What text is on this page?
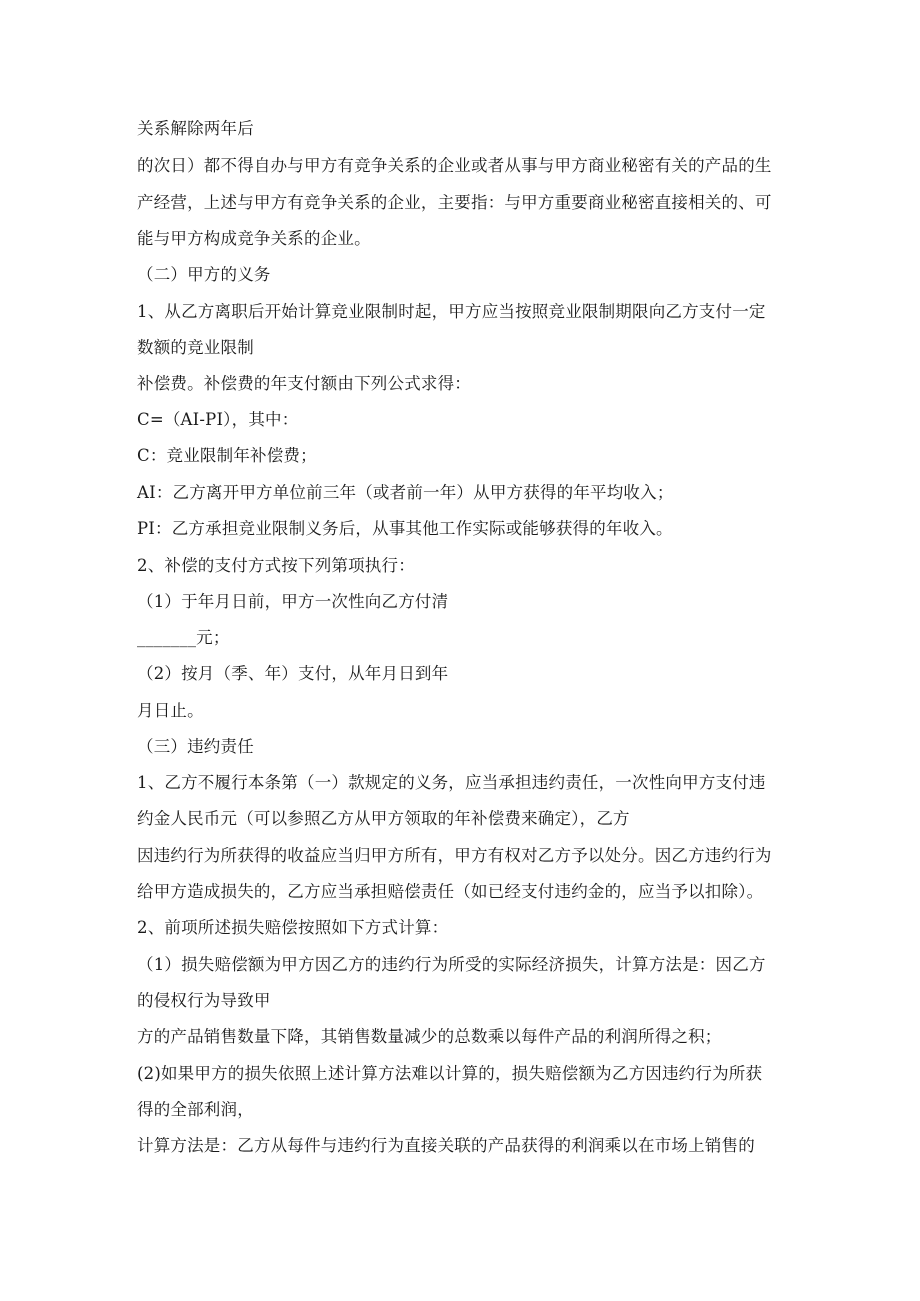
关系解除两年后
的次日）都不得自办与甲方有竞争关系的企业或者从事与甲方商业秘密有关的产品的生
产经营，上述与甲方有竞争关系的企业，主要指：与甲方重要商业秘密直接相关的、可
能与甲方构成竞争关系的企业。
（二）甲方的义务
1、从乙方离职后开始计算竞业限制时起，甲方应当按照竞业限制期限向乙方支付一定
数额的竞业限制
补偿费。补偿费的年支付额由下列公式求得：
C=（AI-PI），其中：
C：竞业限制年补偿费；
AI：乙方离开甲方单位前三年（或者前一年）从甲方获得的年平均收入；
PI：乙方承担竞业限制义务后，从事其他工作实际或能够获得的年收入。
2、补偿的支付方式按下列第项执行：
（1）于年月日前，甲方一次性向乙方付清
_______元；
（2）按月（季、年）支付，从年月日到年
月日止。
（三）违约责任
1、乙方不履行本条第（一）款规定的义务，应当承担违约责任，一次性向甲方支付违
约金人民币元（可以参照乙方从甲方领取的年补偿费来确定），乙方
因违约行为所获得的收益应当归甲方所有，甲方有权对乙方予以处分。因乙方违约行为
给甲方造成损失的，乙方应当承担赔偿责任（如已经支付违约金的，应当予以扣除）。
2、前项所述损失赔偿按照如下方式计算：
（1）损失赔偿额为甲方因乙方的违约行为所受的实际经济损失，计算方法是：因乙方
的侵权行为导致甲
方的产品销售数量下降，其销售数量减少的总数乘以每件产品的利润所得之积；
(2)如果甲方的损失依照上述计算方法难以计算的，损失赔偿额为乙方因违约行为所获
得的全部利润，
计算方法是：乙方从每件与违约行为直接关联的产品获得的利润乘以在市场上销售的
